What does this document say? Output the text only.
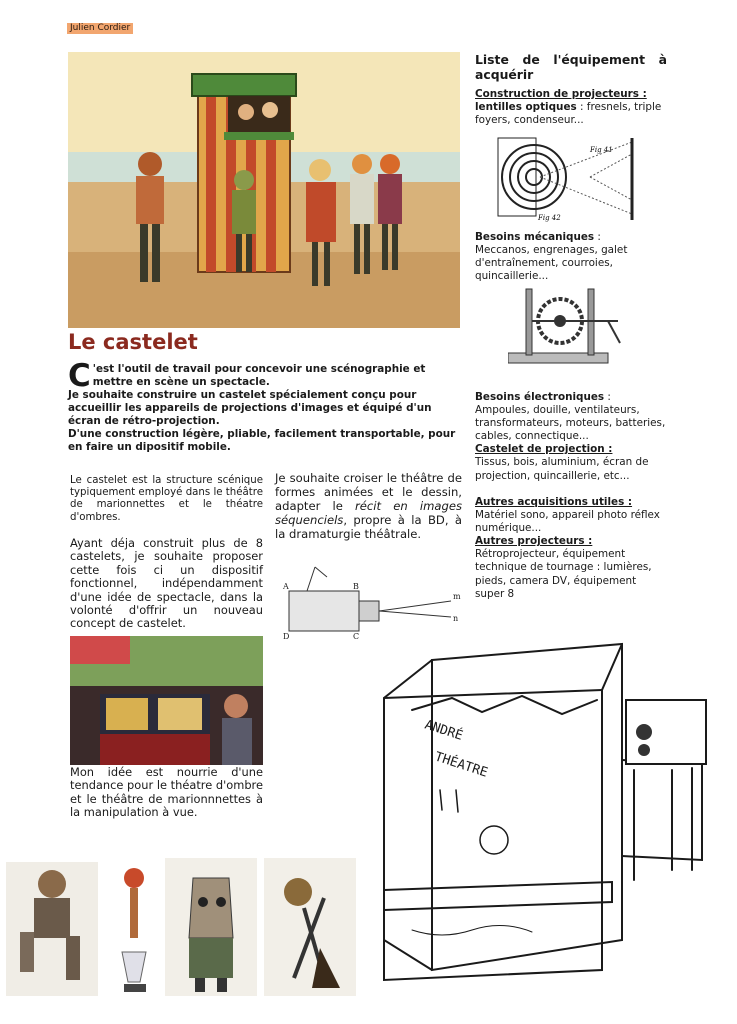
Julien Cordier
Le castelet
C 'est l'outil de travail pour concevoir une scénographie et mettre en scène un spectacle.

Je souhaite construire un castelet spécialement conçu pour accueillir les appareils de projections d'images et équipé d'un écran de rétro-projection.

D'une construction légère, pliable, facilement transportable, pour en faire un dipositif mobile.

Le castelet est la structure scénique typiquement employé dans le théâtre de marionnettes et le théatre d'ombres.

Ayant déja construit plus de 8 castelets, je souhaite proposer cette fois ci un dispositif fonctionnel, indépendamment d'une idée de spectacle, dans la volonté d'offrir un nouveau concept de castelet.

Mon idée est nourrie d'une tendance pour le théatre d'ombre et le théâtre de marionnnettes à la manipulation à vue.

Je souhaite croiser le théâtre de formes animées et le dessin, adapter le récit en images séquenciels, propre à la BD, à la dramaturgie théâtrale.

A	B
m
n
D	C
Liste de l'équipement à acquérir

Construction de projecteurs :

lentilles optiques : fresnels, triple foyers, condenseur...

Fig 41
Fig 42

Besoins mécaniques :

Meccanos, engrenages, galet d'entraînement, courroies, quincaillerie...

Besoins électroniques :

Ampoules, douille, ventilateurs, transformateurs, moteurs, batteries, cables, connectique...

Castelet de projection :

Tissus, bois, aluminium, écran de projection, quincaillerie, etc...

Autres acquisitions utiles :

Matériel sono, appareil photo réflex numérique...

Autres projecteurs :

Rétroprojecteur, équipement technique de tournage : lumières, pieds, camera DV, équipement super 8

ANDRÉ
THÉATRE
